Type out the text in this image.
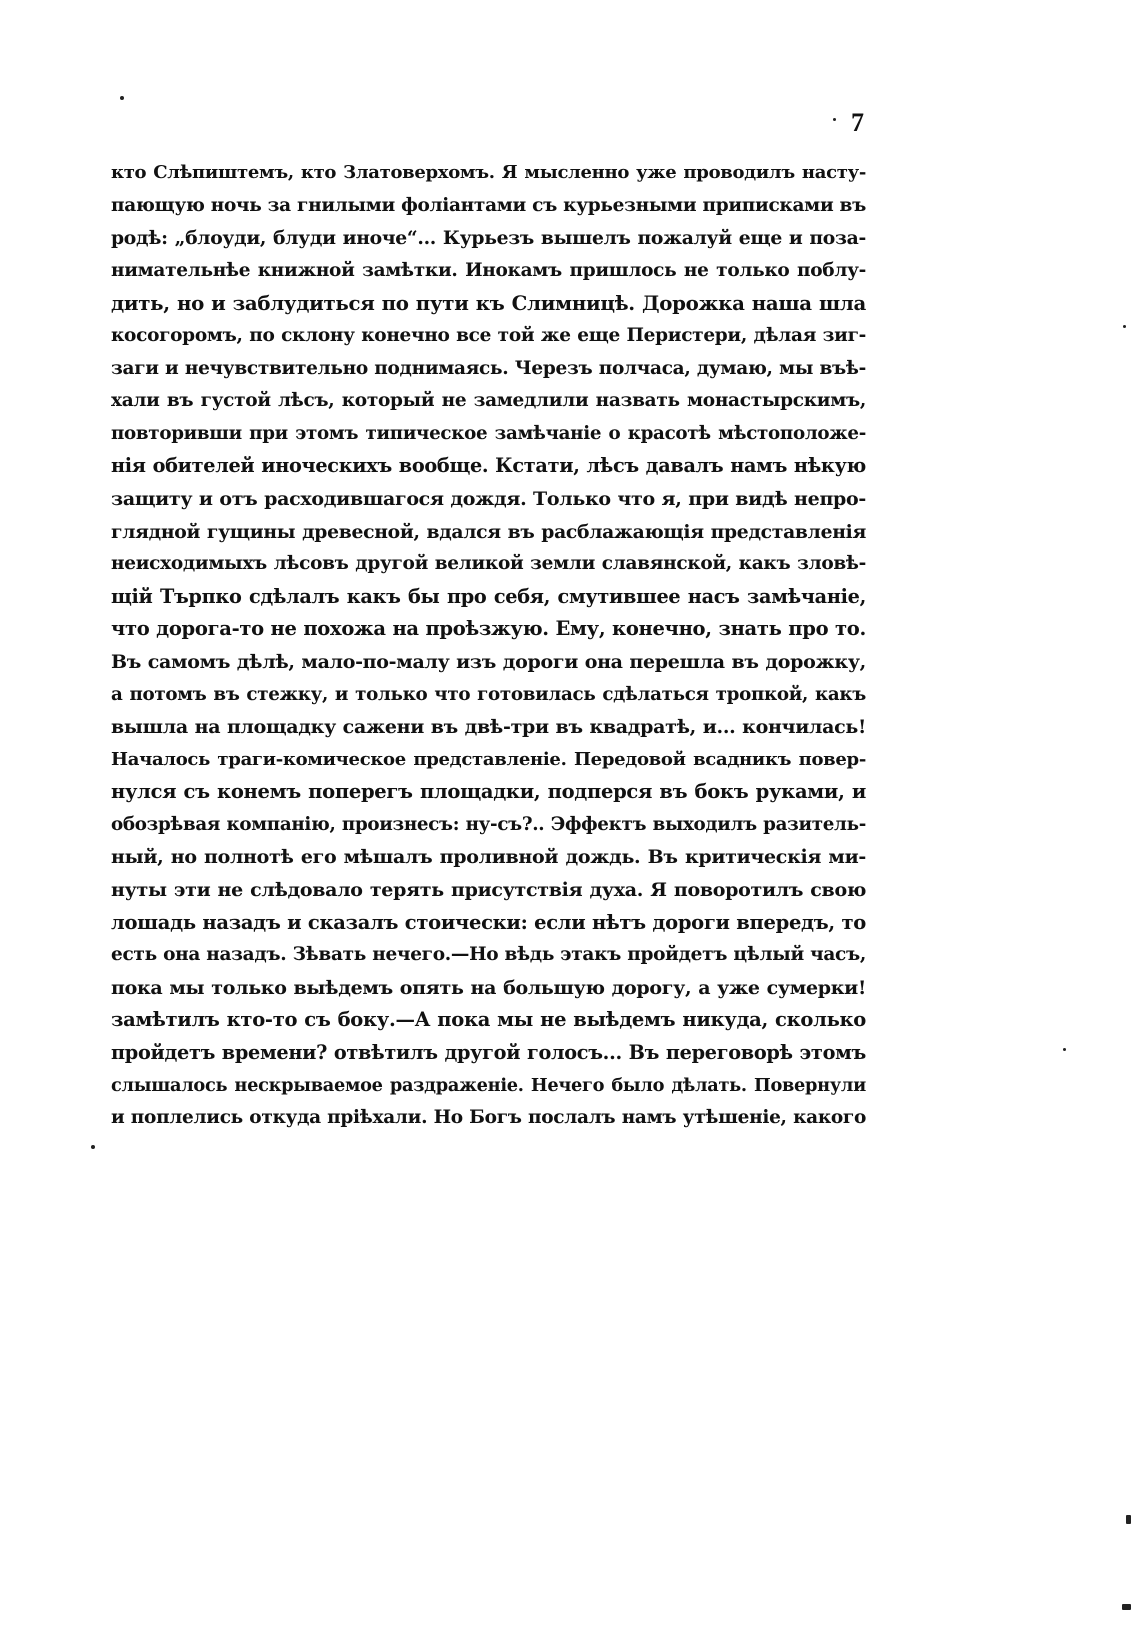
7
кто Слѣпиштемъ, кто Златоверхомъ. Я мысленно уже проводилъ насту-
пающую ночь за гнилыми фоліантами съ курьезными приписками въ
родѣ: „блоуди, блуди иноче“... Курьезъ вышелъ пожалуй еще и поза-
нимательнѣе книжной замѣтки. Инокамъ пришлось не только поблу-
дить, но и заблудиться по пути къ Слимницѣ. Дорожка наша шла
косогоромъ, по склону конечно все той же еще Перистери, дѣлая зиг-
заги и нечувствительно поднимаясь. Черезъ полчаса, думаю, мы въѣ-
хали въ густой лѣсъ, который не замедлили назвать монастырскимъ,
повторивши при этомъ типическое замѣчаніе о красотѣ мѣстоположе-
нія обителей иноческихъ вообще. Кстати, лѣсъ давалъ намъ нѣкую
защиту и отъ расходившагося дождя. Только что я, при видѣ непро-
глядной гущины древесной, вдался въ расблажающія представленія
неисходимыхъ лѣсовъ другой великой земли славянской, какъ зловѣ-
щій Търпко сдѣлалъ какъ бы про себя, смутившее насъ замѣчаніе,
что дорога-то не похожа на проѣзжую. Ему, конечно, знать про то.
Въ самомъ дѣлѣ, мало-по-малу изъ дороги она перешла въ дорожку,
а потомъ въ стежку, и только что готовилась сдѣлаться тропкой, какъ
вышла на площадку сажени въ двѣ-три въ квадратѣ, и... кончилась!
Началось траги-комическое представленіе. Передовой всадникъ повер-
нулся съ конемъ поперегъ площадки, подперся въ бокъ руками, и
обозрѣвая компанію, произнесъ: ну-съ?.. Эффектъ выходилъ разитель-
ный, но полнотѣ его мѣшалъ проливной дождь. Въ критическія ми-
нуты эти не слѣдовало терять присутствія духа. Я поворотилъ свою
лошадь назадъ и сказалъ стоически: если нѣтъ дороги впередъ, то
есть она назадъ. Зѣвать нечего.—Но вѣдь этакъ пройдетъ цѣлый часъ,
пока мы только выѣдемъ опять на большую дорогу, а уже сумерки!
замѣтилъ кто-то съ боку.—А пока мы не выѣдемъ никуда, сколько
пройдетъ времени? отвѣтилъ другой голосъ... Въ переговорѣ этомъ
слышалось нескрываемое раздраженіе. Нечего было дѣлать. Повернули
и поплелись откуда пріѣхали. Но Богъ послалъ намъ утѣшеніе, какого
